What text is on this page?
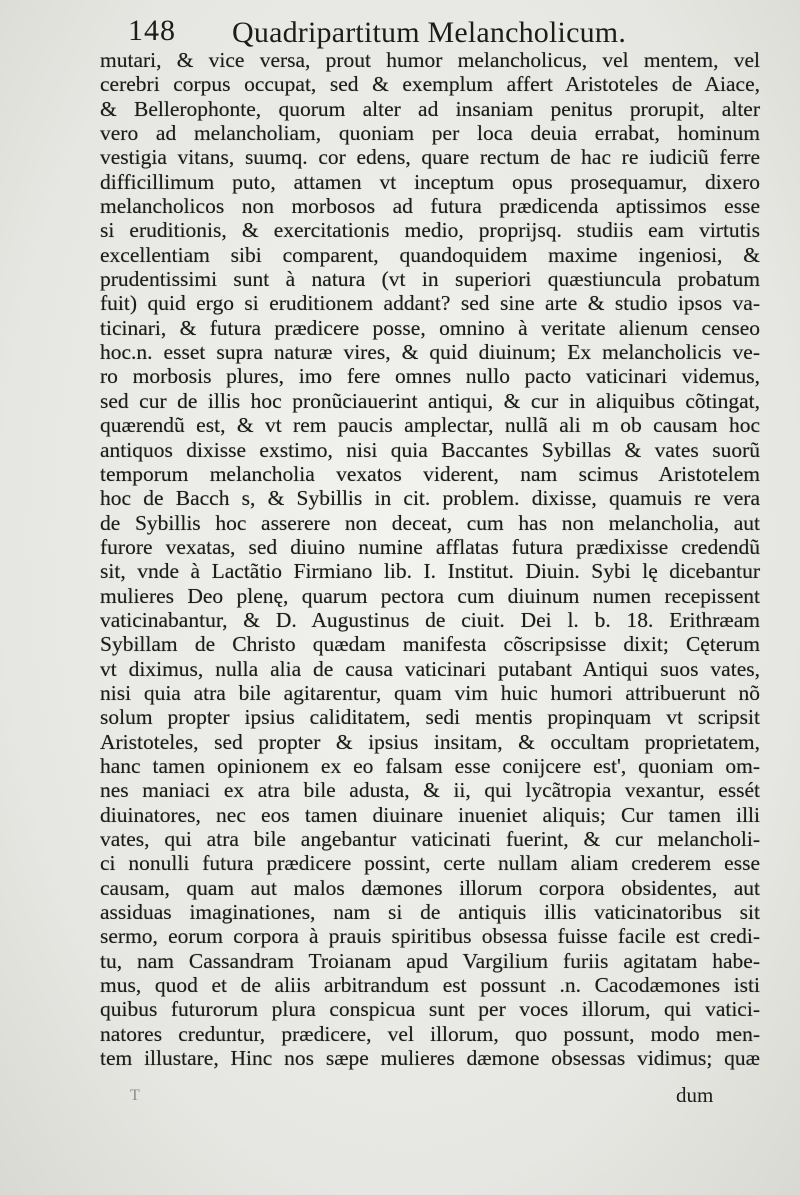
148 Quadripartitum Melancholicum.
mutari, & vice versa, prout humor melancholicus, vel mentem, vel
cerebri corpus occupat, sed & exemplum affert Aristoteles de Aiace,
& Bellerophonte, quorum alter ad insaniam penitus prorupit, alter
vero ad melancholiam, quoniam per loca deuia errabat, hominum
vestigia vitans, suumq. cor edens, quare rectum de hac re iudiciũ ferre
difficillimum puto, attamen vt inceptum opus prosequamur, dixero
melancholicos non morbosos ad futura prædicenda aptissimos esse
si eruditionis, & exercitationis medio, proprijsq. studiis eam virtutis
excellentiam sibi comparent, quandoquidem maxime ingeniosi, &
prudentissimi sunt à natura (vt in superiori quæstiuncula probatum
fuit) quid ergo si eruditionem addant? sed sine arte & studio ipsos va-
ticinari, & futura prædicere posse, omnino à veritate alienum censeo
hoc.n. esset supra naturæ vires, & quid diuinum; Ex melancholicis ve-
ro morbosis plures, imo fere omnes nullo pacto vaticinari videmus,
sed cur de illis hoc pronũciauerint antiqui, & cur in aliquibus cõtingat,
quærendũ est, & vt rem paucis amplectar, nullã ali m ob causam hoc
antiquos dixisse exstimo, nisi quia Baccantes Sybillas & vates suorũ
temporum melancholia vexatos viderent, nam scimus Aristotelem
hoc de Bacch s, & Sybillis in cit. problem. dixisse, quamuis re vera
de Sybillis hoc asserere non deceat, cum has non melancholia, aut
furore vexatas, sed diuino numine afflatas futura prædixisse credendũ
sit, vnde à Lactãtio Firmiano lib. I. Institut. Diuin. Sybi lę dicebantur
mulieres Deo plenę, quarum pectora cum diuinum numen recepissent
vaticinabantur, & D. Augustinus de ciuit. Dei l. b. 18. Erithræam
Sybillam de Christo quædam manifesta cõscripsisse dixit; Cęterum
vt diximus, nulla alia de causa vaticinari putabant Antiqui suos vates,
nisi quia atra bile agitarentur, quam vim huic humori attribuerunt nõ
solum propter ipsius caliditatem, sedi mentis propinquam vt scripsit
Aristoteles, sed propter & ipsius insitam, & occultam proprietatem,
hanc tamen opinionem ex eo falsam esse conijcere est', quoniam om-
nes maniaci ex atra bile adusta, & ii, qui lycãtropia vexantur, essét
diuinatores, nec eos tamen diuinare inueniet aliquis; Cur tamen illi
vates, qui atra bile angebantur vaticinati fuerint, & cur melancholi-
ci nonulli futura prædicere possint, certe nullam aliam crederem esse
causam, quam aut malos dæmones illorum corpora obsidentes, aut
assiduas imaginationes, nam si de antiquis illis vaticinatoribus sit
sermo, eorum corpora à prauis spiritibus obsessa fuisse facile est credi-
tu, nam Cassandram Troianam apud Vargilium furiis agitatam habe-
mus, quod et de aliis arbitrandum est possunt .n. Cacodæmones isti
quibus futurorum plura conspicua sunt per voces illorum, qui vatici-
natores creduntur, prædicere, vel illorum, quo possunt, modo men-
tem illustare, Hinc nos sæpe mulieres dæmone obsessas vidimus; quæ
T	dum
